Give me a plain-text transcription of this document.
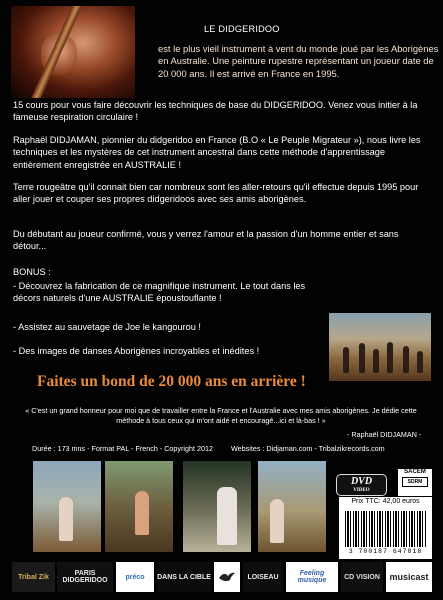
LE DIDGERIDOO
est le plus vieil instrument à vent du monde joué par les Aborigènes en Australie. Une peinture rupestre représentant un joueur date de 20 000 ans. Il est arrivé en France en 1995.
15 cours pour vous faire découvrir les techniques de base du DIDGERIDOO. Venez vous initier à la fameuse respiration circulaire !
Raphaël DIDJAMAN, pionnier du didgeridoo en France (B.O « Le Peuple Migrateur »), nous livre les techniques et les mystères de cet instrument ancestral dans cette méthode d'apprentissage entièrement enregistrée en AUSTRALIE !
Terre rougeâtre qu'il connait bien car nombreux sont les aller-retours qu'il effectue depuis 1995 pour aller jouer et couper ses propres didgeridoos avec ses amis aborigènes.
Du débutant au joueur confirmé, vous y verrez l'amour et la passion d'un homme entier et sans détour...
BONUS :
- Découvrez la fabrication de ce magnifique instrument. Le tout dans les décors naturels d'une AUSTRALIE époustouflante !
- Assistez au sauvetage de Joe le kangourou !
- Des images de danses Aborigènes incroyables et inédites !
Faites un bond de 20 000 ans en arrière !
« C'est un grand honneur pour moi que de travailler entre la France et l'Australie avec mes amis aborigènes. Je dédie cette méthode à tous ceux qui m'ont aidé et encouragé...ici et là-bas ! »
- Raphaël DIDJAMAN -
Durée : 173 mns - Format PAL - French - Copyright 2012	Websites : Didjaman.com - Tribalzikrecords.com
DVD
VIDEO
SACEM
SDRM
Prix TTC: 42,00 euros
3 700187 647818
Tribal Zik	PARIS DIDGERIDOO	préco DANS LA CIBLE	LOISEAU	Feeling musique	CD VISION musicast
